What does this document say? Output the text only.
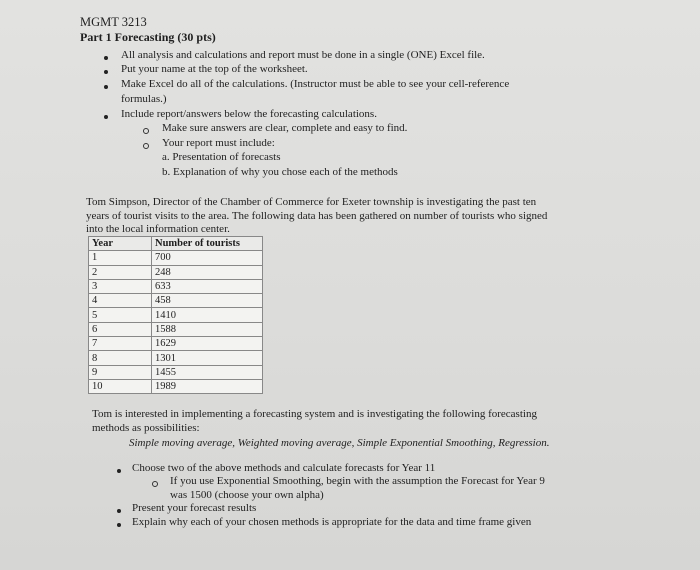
MGMT 3213
Part 1 Forecasting (30 pts)
All analysis and calculations and report must be done in a single (ONE) Excel file.
Put your name at the top of the worksheet.
Make Excel do all of the calculations. (Instructor must be able to see your cell-reference
formulas.)
Include report/answers below the forecasting calculations.
Make sure answers are clear, complete and easy to find.
Your report must include:
a. Presentation of forecasts
b. Explanation of why you chose each of the methods
Tom Simpson, Director of the Chamber of Commerce for Exeter township is investigating the past ten
years of tourist visits to the area. The following data has been gathered on number of tourists who signed
into the local information center.
Year	Number of tourists
1	700
2	248
3	633
4	458
5	1410
6	1588
7	1629
8	1301
9	1455
10	1989
Tom is interested in implementing a forecasting system and is investigating the following forecasting
methods as possibilities:
Simple moving average, Weighted moving average, Simple Exponential Smoothing, Regression.
Choose two of the above methods and calculate forecasts for Year 11
If you use Exponential Smoothing, begin with the assumption the Forecast for Year 9
was 1500 (choose your own alpha)
Present your forecast results
Explain why each of your chosen methods is appropriate for the data and time frame given
